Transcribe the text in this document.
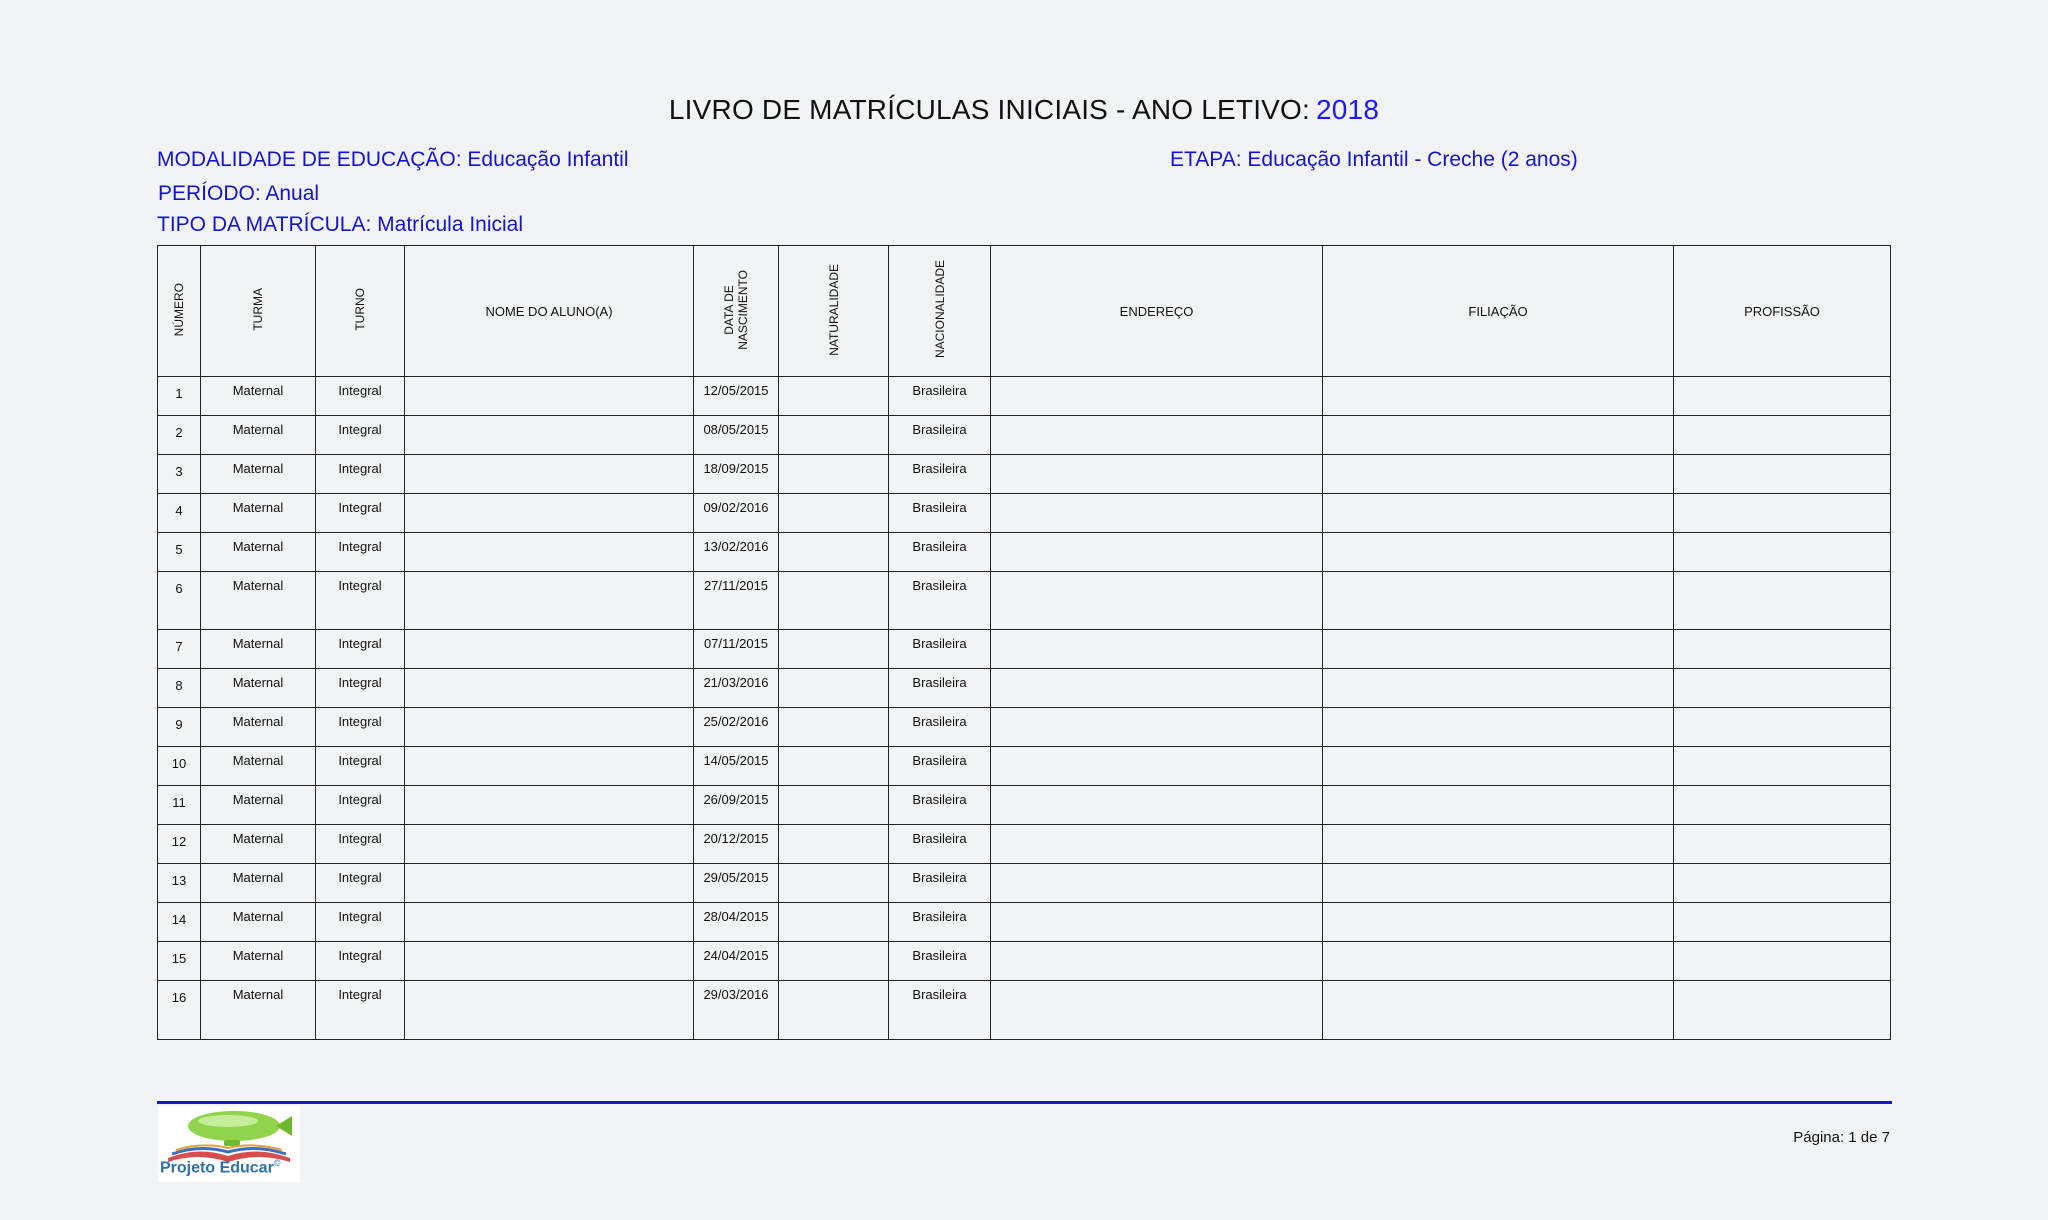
LIVRO DE MATRÍCULAS INICIAIS - ANO LETIVO: 2018
MODALIDADE DE EDUCAÇÃO: Educação Infantil	ETAPA: Educação Infantil - Creche (2 anos)
PERÍODO: Anual
TIPO DA MATRÍCULA: Matrícula Inicial
NÚMERO	TURMA	TURNO	NOME DO ALUNO(A)	DATA DE
NASCIMENTO	NATURALIDADE	NACIONALIDADE	ENDEREÇO	FILIAÇÃO	PROFISSÃO
1	Maternal	Integral		12/05/2015		Brasileira			
2	Maternal	Integral		08/05/2015		Brasileira			
3	Maternal	Integral		18/09/2015		Brasileira			
4	Maternal	Integral		09/02/2016		Brasileira			
5	Maternal	Integral		13/02/2016		Brasileira			
6	Maternal	Integral		27/11/2015		Brasileira			
7	Maternal	Integral		07/11/2015		Brasileira			
8	Maternal	Integral		21/03/2016		Brasileira			
9	Maternal	Integral		25/02/2016		Brasileira			
10	Maternal	Integral		14/05/2015		Brasileira			
11	Maternal	Integral		26/09/2015		Brasileira			
12	Maternal	Integral		20/12/2015		Brasileira			
13	Maternal	Integral		29/05/2015		Brasileira			
14	Maternal	Integral		28/04/2015		Brasileira			
15	Maternal	Integral		24/04/2015		Brasileira			
16	Maternal	Integral		29/03/2016		Brasileira			
Projeto Educar©
Página: 1 de 7
